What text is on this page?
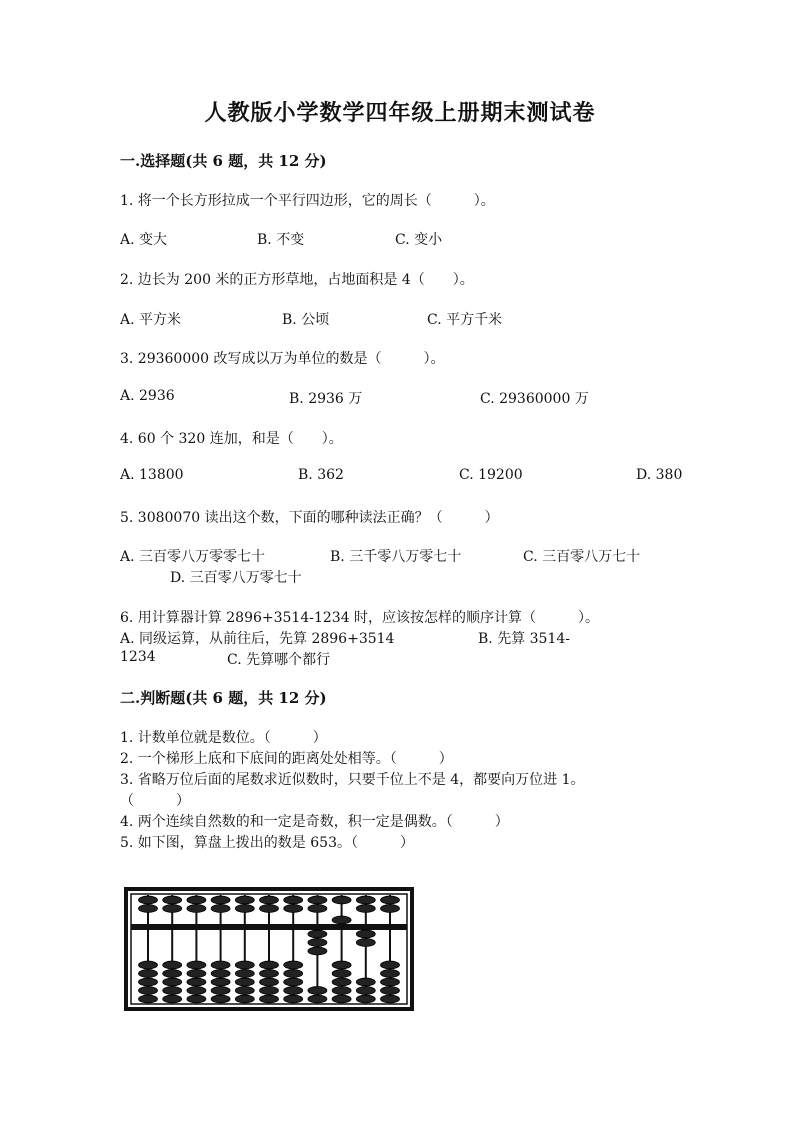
人教版小学数学四年级上册期末测试卷
一.选择题(共 6 题，共 12 分)
1. 将一个长方形拉成一个平行四边形，它的周长（　　　）。
A. 变大	B. 不变	C. 变小
2. 边长为 200 米的正方形草地，占地面积是 4（　　）。
A. 平方米	B. 公顷	C. 平方千米
3. 29360000 改写成以万为单位的数是（　　　）。
A. 2936	B. 2936 万	C. 29360000 万
4. 60 个 320 连加，和是（　　）。
A. 13800	B. 362	C. 19200	D. 380
5. 3080070 读出这个数，下面的哪种读法正确？（　　　）
A. 三百零八万零零七十	B. 三千零八万零七十	C. 三百零八万七十
D. 三百零八万零七十
6. 用计算器计算 2896+3514-1234 时，应该按怎样的顺序计算（　　　）。
A. 同级运算，从前往后，先算 2896+3514	B. 先算 3514-
1234	C. 先算哪个都行
二.判断题(共 6 题，共 12 分)
1. 计数单位就是数位。（　　　）
2. 一个梯形上底和下底间的距离处处相等。（　　　）
3. 省略万位后面的尾数求近似数时，只要千位上不是 4，都要向万位进 1。
（　　　）
4. 两个连续自然数的和一定是奇数，积一定是偶数。（　　　）
5. 如下图，算盘上拨出的数是 653。（　　　）
